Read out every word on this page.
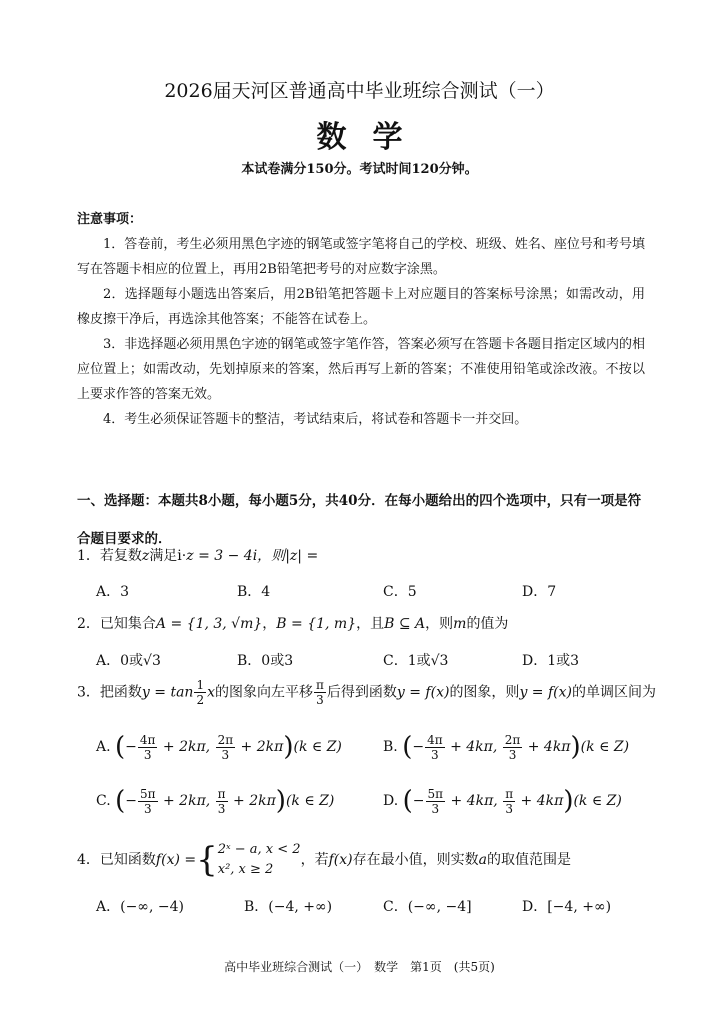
2026届天河区普通高中毕业班综合测试（一）
数学
本试卷满分150分。考试时间120分钟。
注意事项：
1．答卷前，考生必须用黑色字迹的钢笔或签字笔将自己的学校、班级、姓名、座位号和考号填写在答题卡相应的位置上，再用2B铅笔把考号的对应数字涂黑。
2．选择题每小题选出答案后，用2B铅笔把答题卡上对应题目的答案标号涂黑；如需改动，用橡皮擦干净后，再选涂其他答案；不能答在试卷上。
3．非选择题必须用黑色字迹的钢笔或签字笔作答，答案必须写在答题卡各题目指定区域内的相应位置上；如需改动，先划掉原来的答案，然后再写上新的答案；不准使用铅笔或涂改液。不按以上要求作答的答案无效。
4．考生必须保证答题卡的整洁，考试结束后，将试卷和答题卡一并交回。
一、选择题：本题共8小题，每小题5分，共40分．在每小题给出的四个选项中，只有一项是符合题目要求的．
1．若复数z满足i·z = 3 − 4i，则|z| =
A．3	B．4	C．5	D．7
2．已知集合A = {1, 3, √m}，B = {1, m}，且B ⊆ A，则m的值为
A．0或√3	B．0或3	C．1或√3	D．1或3
3．把函数$y = \tan \frac{1}{2}$ x的图象向左平移 $\frac{\pi}{3}$ 后得到函数y = f(x)的图象，则y = f(x)的单调区间为
A. (− $\frac{4\pi}{3} + 2k\pi$, $\frac{2\pi}{3} + 2k\pi)(k$ ∈ Z)	B. (− $\frac{4\pi}{3} + 4k\pi$, $\frac{2\pi}{3} + 4k\pi)(k$ ∈ Z)
C. (− $\frac{5\pi}{3} + 2k\pi$, $\frac{\pi}{3} + 2k\pi)(k$ ∈ Z)	D. (− $\frac{5\pi}{3} + 4k\pi$, $\frac{\pi}{3} + 4k\pi)(k$ ∈ Z)
4．已知函数f(x) ={ 2ˣ − a, x < 2
x², x ≥ 2
，若f(x)存在最小值，则实数a的取值范围是
A．(−∞, −4)	B．(−4, +∞)	C．(−∞, −4]	D．[−4, +∞)
高中毕业班综合测试（一）　数学　第1页　(共5页)
